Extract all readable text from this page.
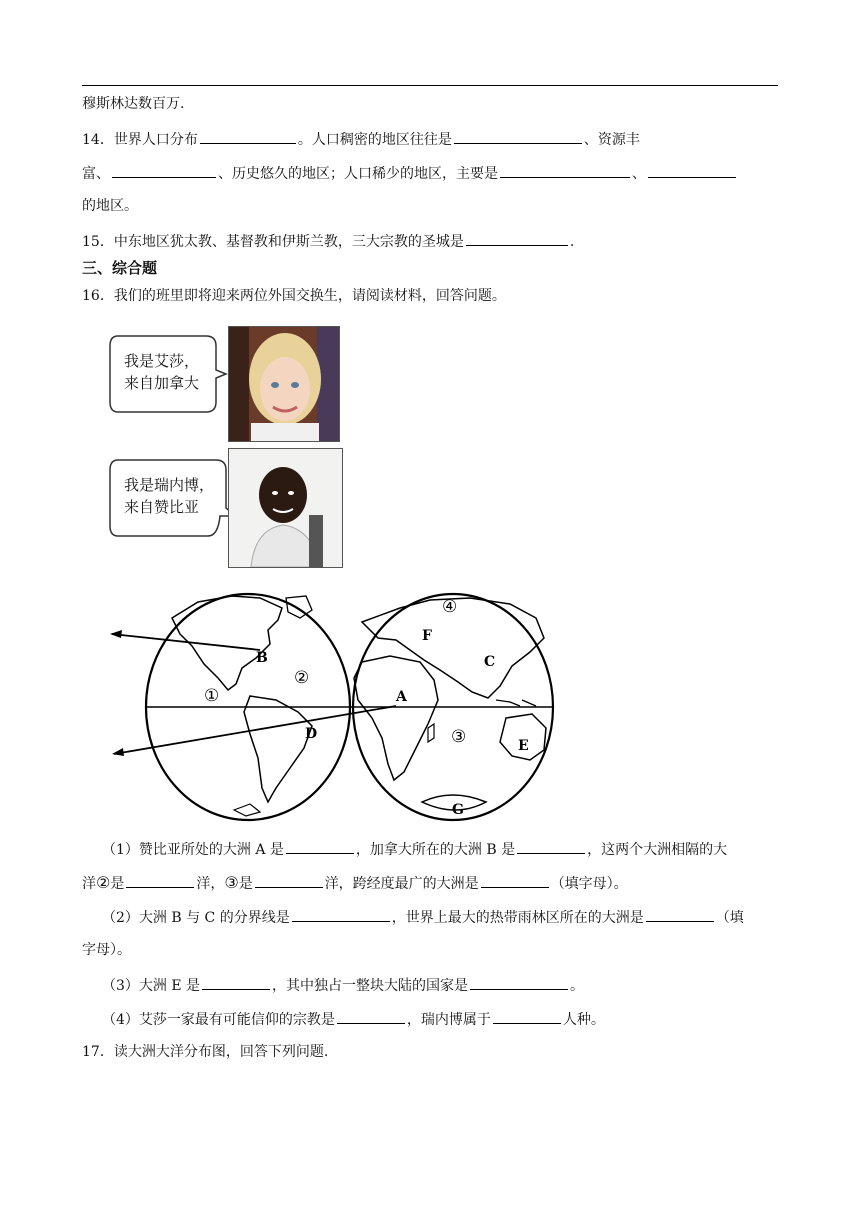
穆斯林达数百万.
14．世界人口分布	。人口稠密的地区往往是	、资源丰
富、	、历史悠久的地区；人口稀少的地区，主要是	、
的地区。
15．中东地区犹太教、基督教和伊斯兰教，三大宗教的圣城是	.
三、综合题
16．我们的班里即将迎来两位外国交换生，请阅读材料，回答问题。
我是艾莎，
来自加拿大
我是瑞内博，
来自赞比亚
B
②
①
D
④
F
C
A
③	E
G
（1）赞比亚所处的大洲 A 是	，加拿大所在的大洲 B 是	，这两个大洲相隔的大
洋②是	洋，③是	洋，跨经度最广的大洲是	（填字母）。
（2）大洲 B 与 C 的分界线是	，世界上最大的热带雨林区所在的大洲是	（填
字母）。
（3）大洲 E 是	，其中独占一整块大陆的国家是	。
（4）艾莎一家最有可能信仰的宗教是	，瑞内博属于	人种。
17．读大洲大洋分布图，回答下列问题.
